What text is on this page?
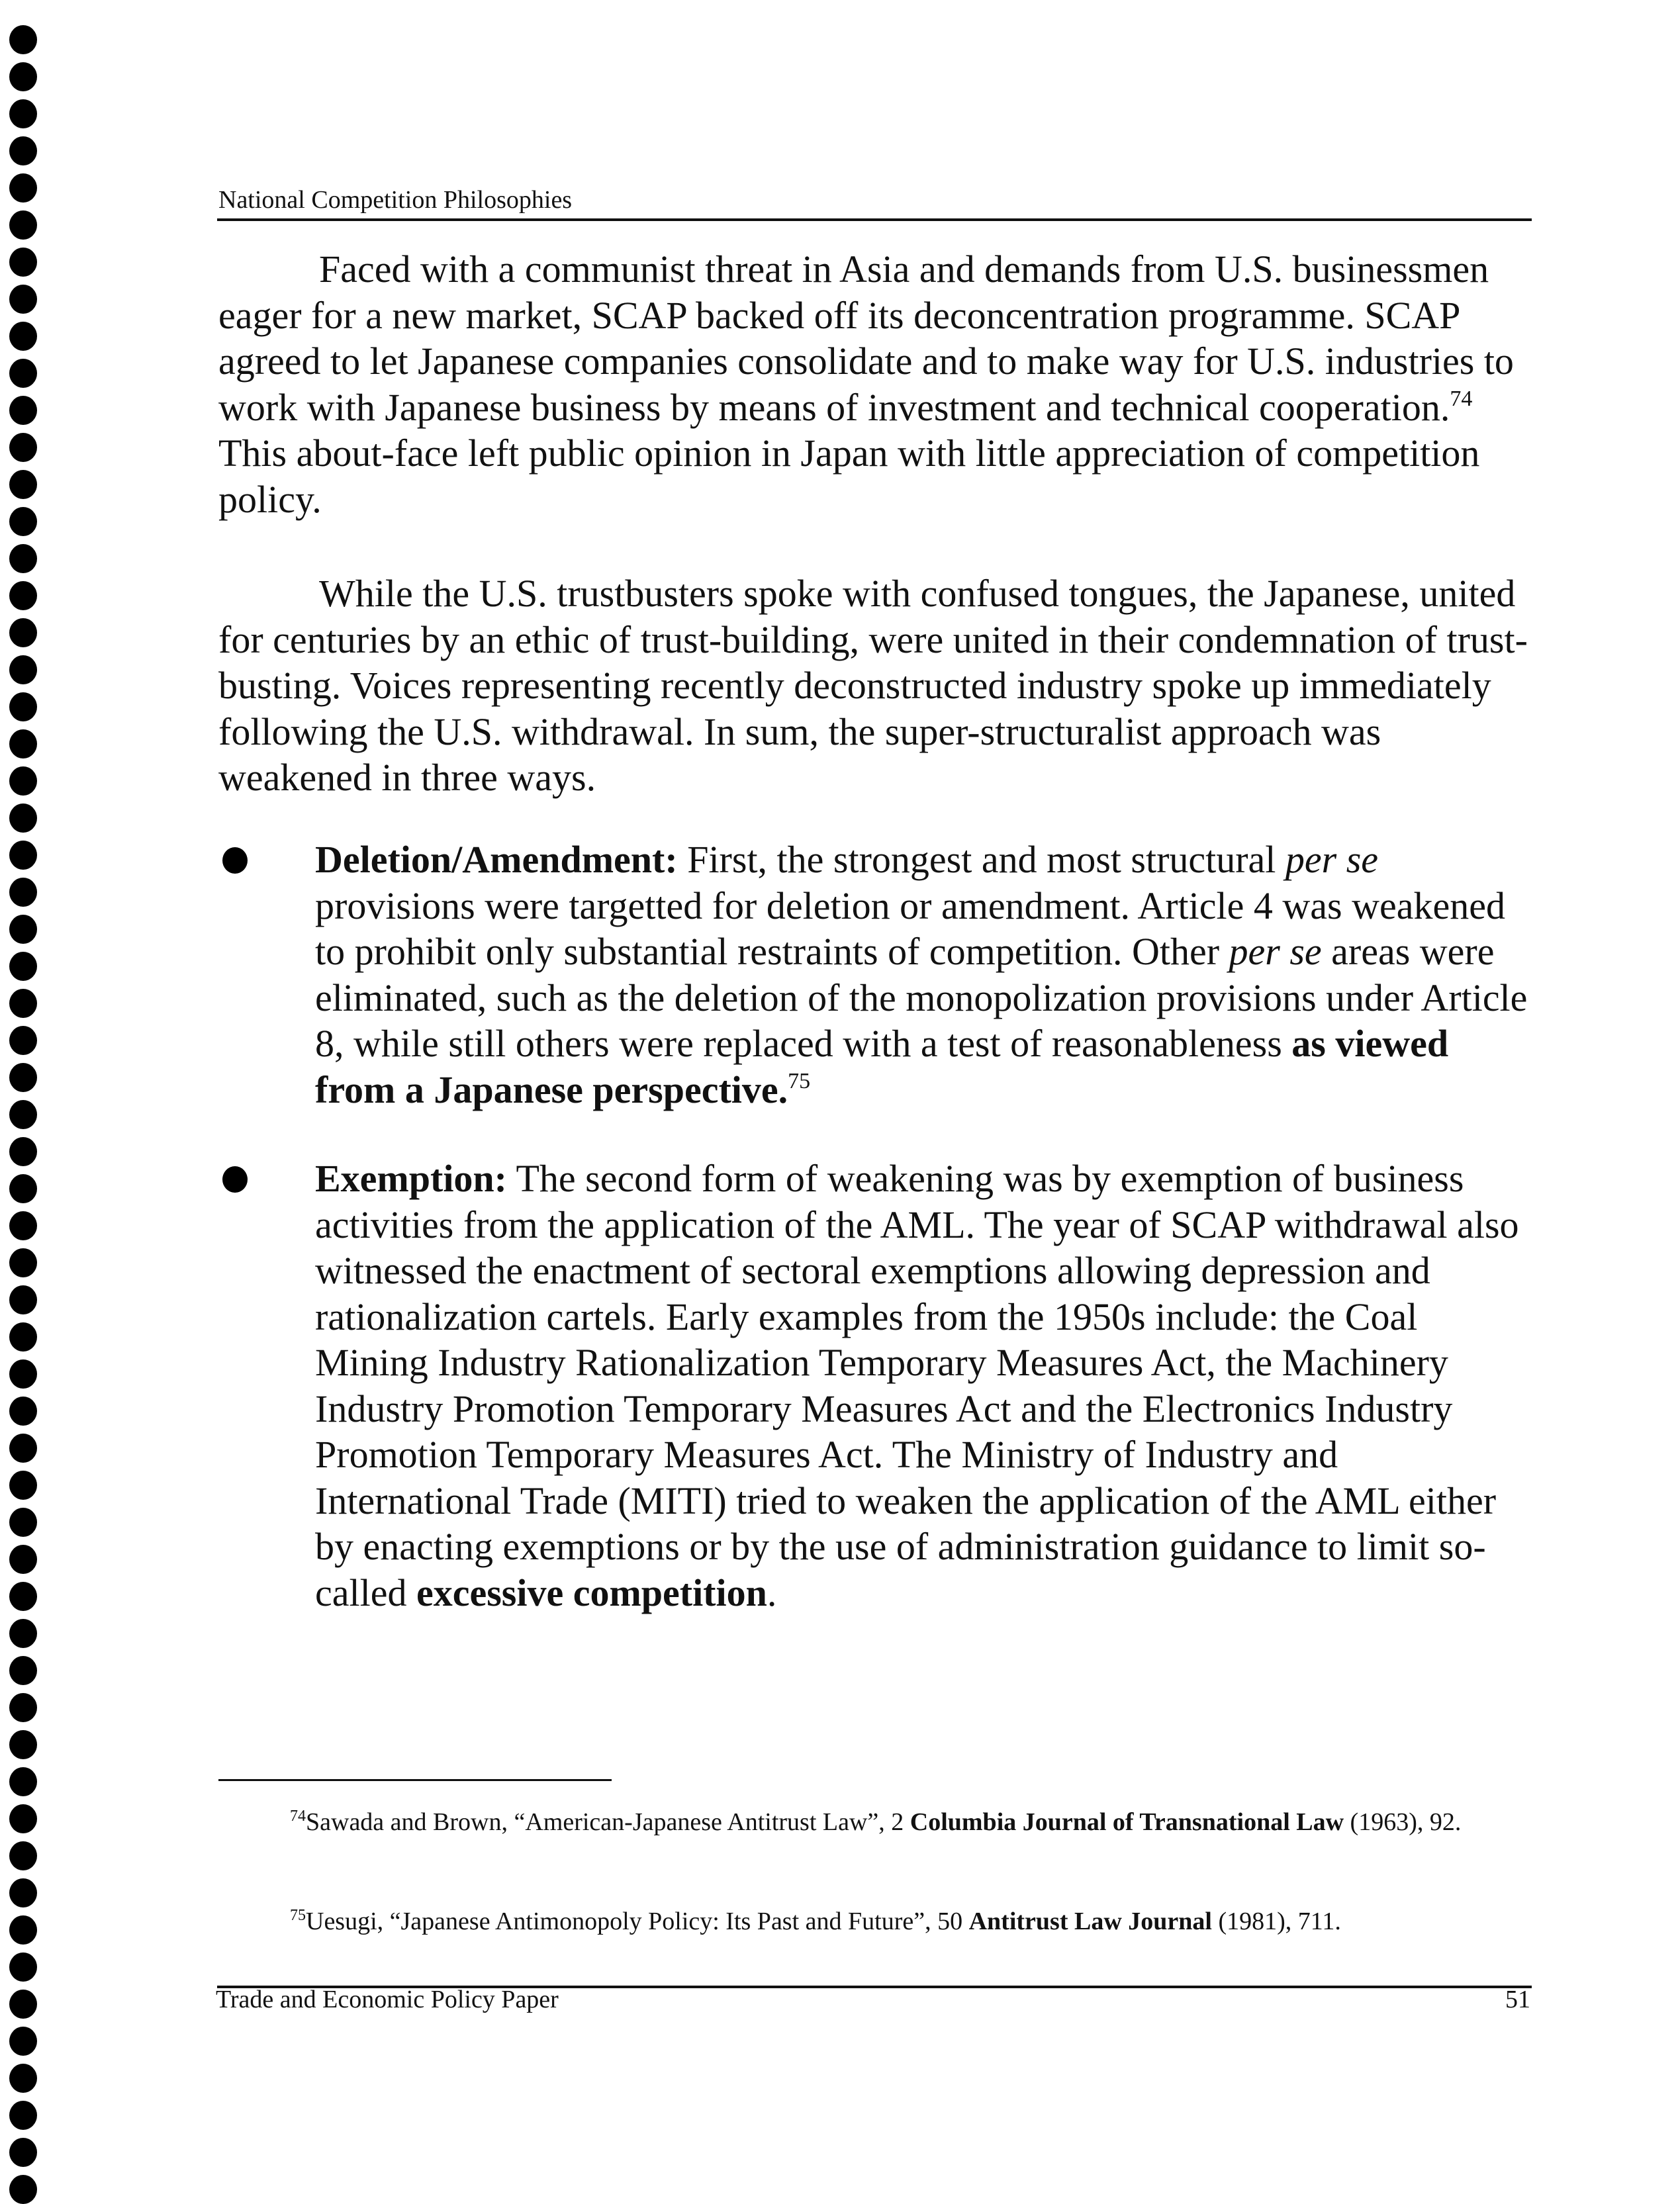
National Competition Philosophies

Faced with a communist threat in Asia and demands from U.S. businessmen eager for a new market, SCAP backed off its deconcentration programme. SCAP agreed to let Japanese companies consolidate and to make way for U.S. industries to work with Japanese business by means of investment and technical cooperation.$^{74}$ This about-face left public opinion in Japan with little appreciation of competition policy.

While the U.S. trustbusters spoke with confused tongues, the Japanese, united for centuries by an ethic of trust-building, were united in their condemnation of trust-busting. Voices representing recently deconstructed industry spoke up immediately following the U.S. withdrawal. In sum, the super-structuralist approach was weakened in three ways.

Deletion/Amendment: First, the strongest and most structural per se provisions were targetted for deletion or amendment. Article 4 was weakened to prohibit only substantial restraints of competition. Other per se areas were eliminated, such as the deletion of the monopolization provisions under Article 8, while still others were replaced with a test of reasonableness as viewed from a Japanese perspective.$^{75}$
Exemption: The second form of weakening was by exemption of business activities from the application of the AML. The year of SCAP withdrawal also witnessed the enactment of sectoral exemptions allowing depression and rationalization cartels. Early examples from the 1950s include: the Coal Mining Industry Rationalization Temporary Measures Act, the Machinery Industry Promotion Temporary Measures Act and the Electronics Industry Promotion Temporary Measures Act. The Ministry of Industry and International Trade (MITI) tried to weaken the application of the AML either by enacting exemptions or by the use of administration guidance to limit so-called excessive competition.

$^{74}$Sawada and Brown, “American-Japanese Antitrust Law”, 2 Columbia Journal of Transnational Law (1963), 92.

$^{75}$Uesugi, “Japanese Antimonopoly Policy: Its Past and Future”, 50 Antitrust Law Journal (1981), 711.

Trade and Economic Policy Paper	51
